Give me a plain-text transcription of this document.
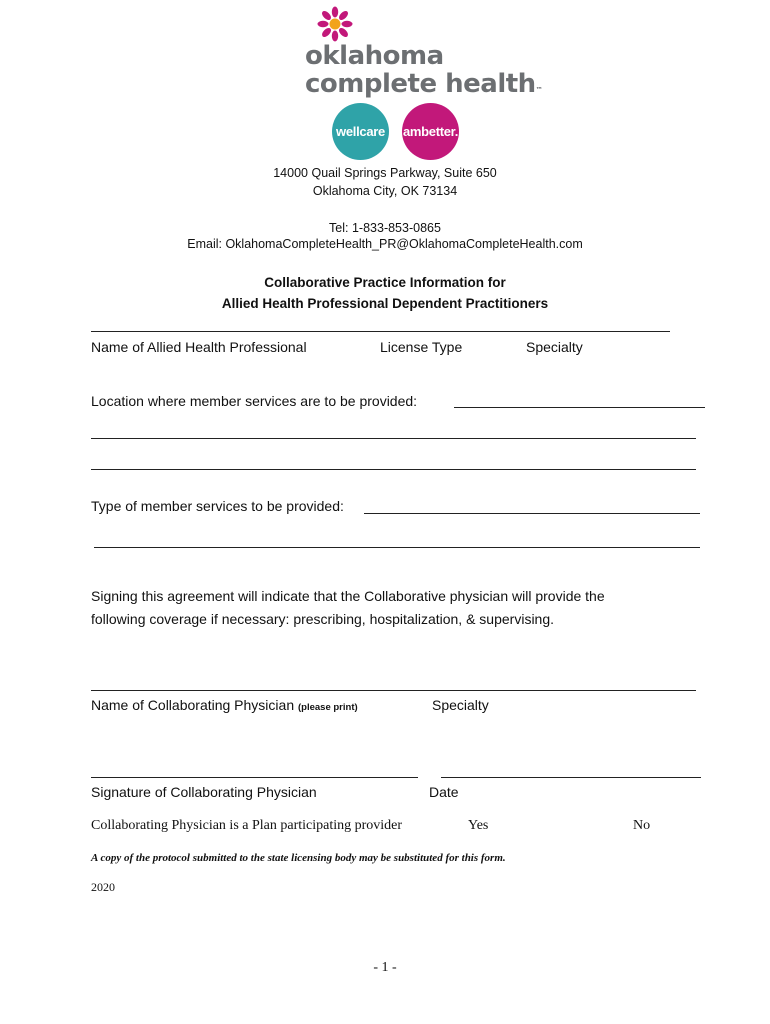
oklahoma
complete health™
wellcare	ambetter.
14000 Quail Springs Parkway, Suite 650
Oklahoma City, OK 73134
Tel: 1-833-853-0865
Email: OklahomaCompleteHealth_PR@OklahomaCompleteHealth.com
Collaborative Practice Information for
Allied Health Professional Dependent Practitioners
Name of Allied Health Professional	License Type	Specialty
Location where member services are to be provided:
Type of member services to be provided:
Signing this agreement will indicate that the Collaborative physician will provide the
following coverage if necessary: prescribing, hospitalization, & supervising.
Name of Collaborating Physician (please print)	Specialty
Signature of Collaborating Physician	Date
Collaborating Physician is a Plan participating provider	Yes	No
A copy of the protocol submitted to the state licensing body may be substituted for this form.
2020
- 1 -
